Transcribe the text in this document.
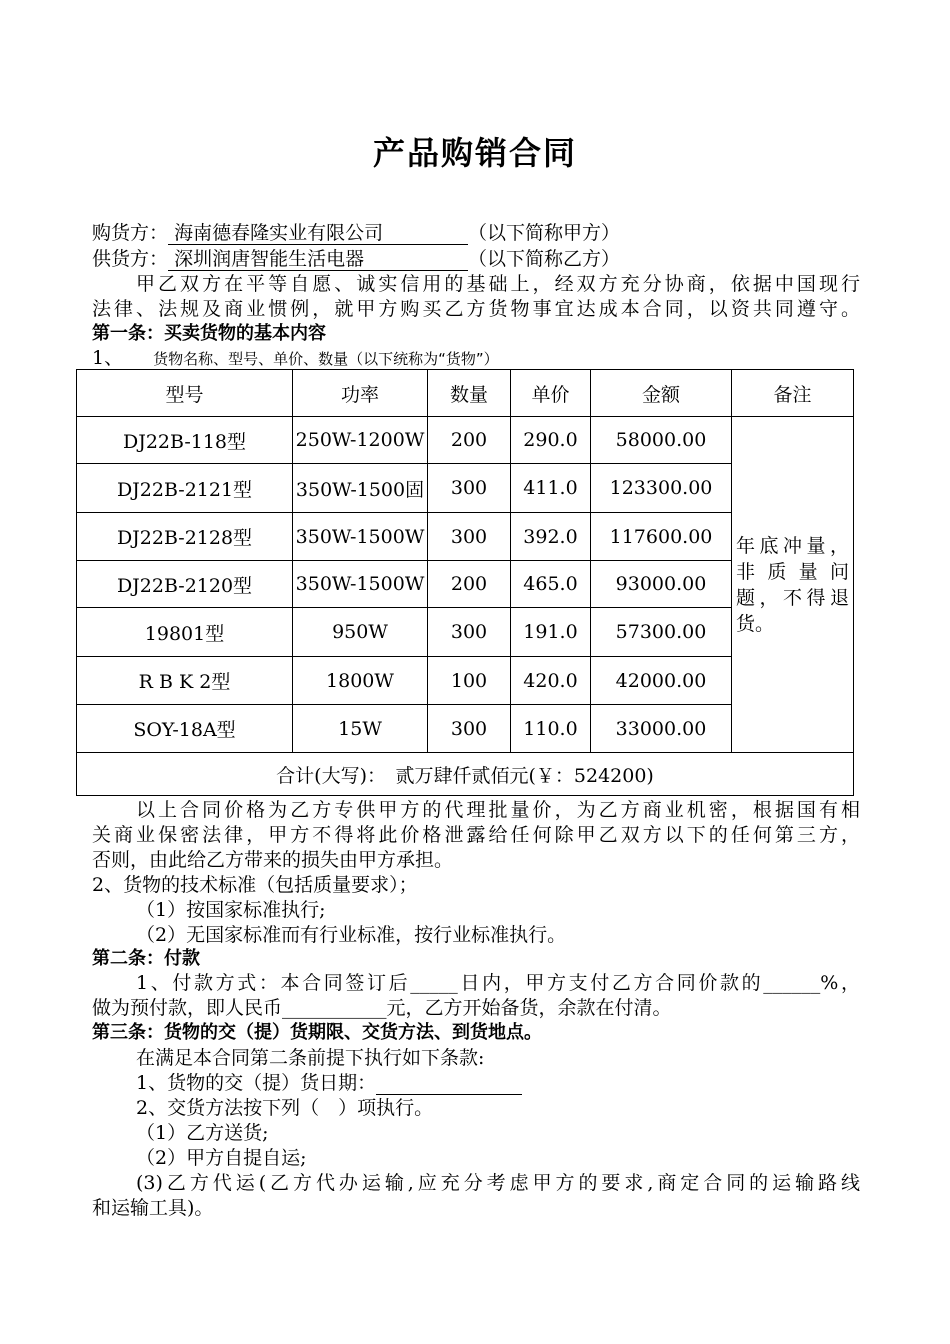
产品购销合同
购货方： 海南德春隆实业有限公司	（以下简称甲方）
供货方： 深圳润唐智能生活电器	（以下简称乙方）
甲乙双方在平等自愿、诚实信用的基础上，经双方充分协商，依据中国现行
法律、法规及商业惯例，就甲方购买乙方货物事宜达成本合同，以资共同遵守。
第一条：买卖货物的基本内容
1、 货物名称、型号、单价、数量（以下统称为“货物”）
型号	功率	数量	单价	金额	备注
DJ22B-118型	250W-1200W	200	290.0	58000.00	年底冲量，非质量问题，不得退货。
DJ22B-2121型	350W-1500固	300	411.0	123300.00	
DJ22B-2128型	350W-1500W	300	392.0	117600.00	
DJ22B-2120型	350W-1500W	200	465.0	93000.00	
19801型	950W	300	191.0	57300.00	
R B K 2型	1800W	100	420.0	42000.00	
SOY-18A型	15W	300	110.0	33000.00	
合计(大写)：　贰万肆仟贰佰元(￥：524200)					
以上合同价格为乙方专供甲方的代理批量价，为乙方商业机密，根据国有相
关商业保密法律，甲方不得将此价格泄露给任何除甲乙双方以下的任何第三方，
否则，由此给乙方带来的损失由甲方承担。
2、货物的技术标准（包括质量要求）；
（1）按国家标准执行;
（2）无国家标准而有行业标准，按行业标准执行。
第二条：付款
1、付款方式：本合同签订后_____日内，甲方支付乙方合同价款的______%，
做为预付款，即人民币___________元，乙方开始备货，余款在付清。
第三条：货物的交（提）货期限、交货方法、到货地点。
在满足本合同第二条前提下执行如下条款:
1、货物的交（提）货日期：
2、交货方法按下列（　）项执行。
（1）乙方送货;
（2）甲方自提自运;
(3)乙方代运(乙方代办运输,应充分考虑甲方的要求,商定合同的运输路线
和运输工具)。
